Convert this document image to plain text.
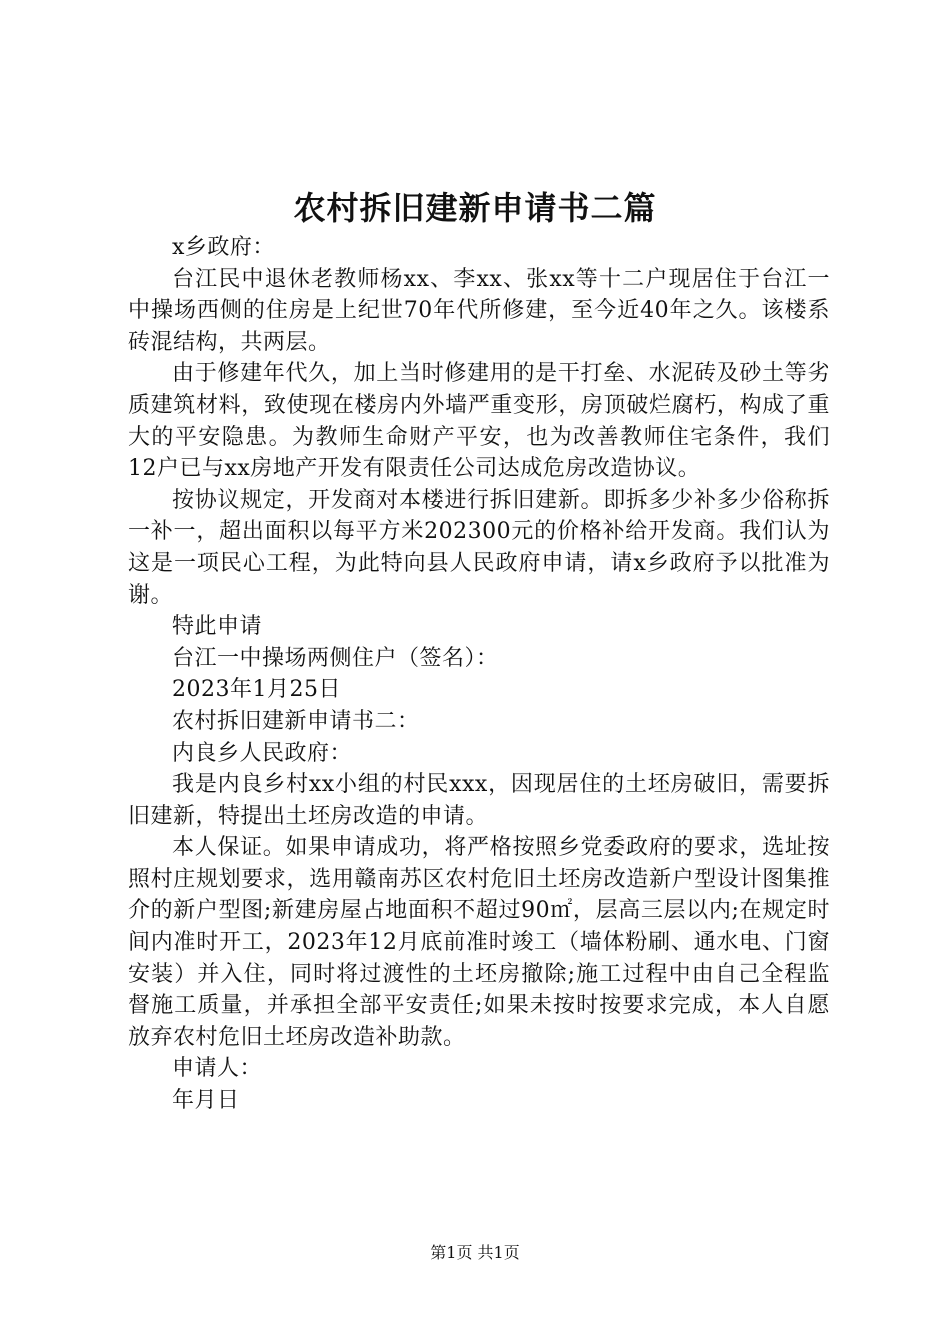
农村拆旧建新申请书二篇

x乡政府：

台江民中退休老教师杨xx、李xx、张xx等十二户现居住于台江一中操场西侧的住房是上纪世70年代所修建，至今近40年之久。该楼系砖混结构，共两层。

由于修建年代久，加上当时修建用的是干打垒、水泥砖及砂土等劣质建筑材料，致使现在楼房内外墙严重变形，房顶破烂腐朽，构成了重大的平安隐患。为教师生命财产平安，也为改善教师住宅条件，我们12户已与xx房地产开发有限责任公司达成危房改造协议。

按协议规定，开发商对本楼进行拆旧建新。即拆多少补多少俗称拆一补一，超出面积以每平方米202300元的价格补给开发商。我们认为这是一项民心工程，为此特向县人民政府申请，请x乡政府予以批准为谢。

特此申请

台江一中操场两侧住户（签名）：

2023年1月25日

农村拆旧建新申请书二：

内良乡人民政府：

我是内良乡村xx小组的村民xxx，因现居住的土坯房破旧，需要拆旧建新，特提出土坯房改造的申请。

本人保证。如果申请成功，将严格按照乡党委政府的要求，选址按照村庄规划要求，选用赣南苏区农村危旧土坯房改造新户型设计图集推介的新户型图;新建房屋占地面积不超过90㎡，层高三层以内;在规定时间内准时开工，2023年12月底前准时竣工（墙体粉刷、通水电、门窗安装）并入住，同时将过渡性的土坯房撤除;施工过程中由自己全程监督施工质量，并承担全部平安责任;如果未按时按要求完成，本人自愿放弃农村危旧土坯房改造补助款。

申请人：

年月日

第1页 共1页
